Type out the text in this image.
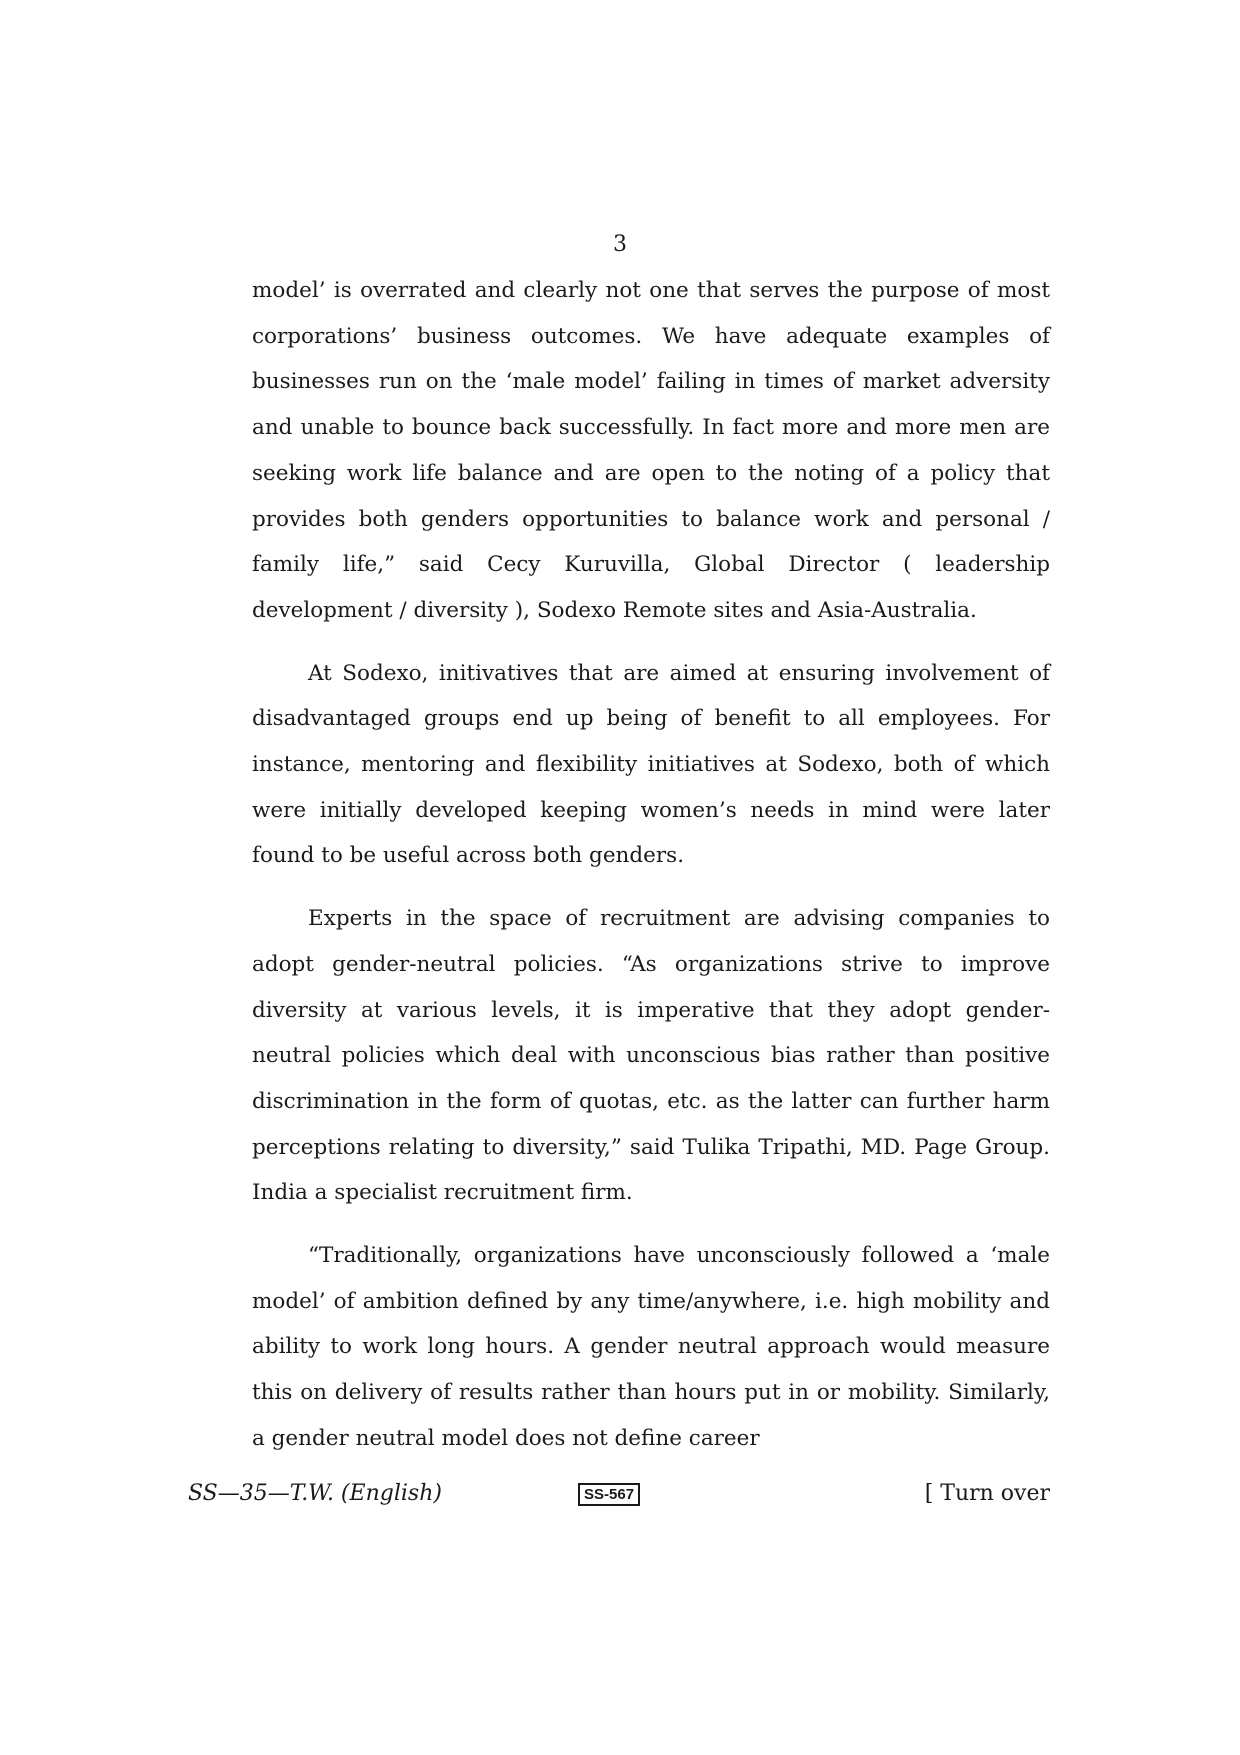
3

model’ is overrated and clearly not one that serves the purpose of most corporations’ business outcomes. We have adequate examples of businesses run on the ‘male model’ failing in times of market adversity and unable to bounce back successfully. In fact more and more men are seeking work life balance and are open to the noting of a policy that provides both genders opportunities to balance work and personal / family life,” said Cecy Kuruvilla, Global Director ( leadership development / diversity ), Sodexo Remote sites and Asia-Australia.

At Sodexo, initivatives that are aimed at ensuring involvement of disadvantaged groups end up being of benefit to all employees. For instance, mentoring and flexibility initiatives at Sodexo, both of which were initially developed keeping women’s needs in mind were later found to be useful across both genders.

Experts in the space of recruitment are advising companies to adopt gender-neutral policies. “As organizations strive to improve diversity at various levels, it is imperative that they adopt gender-neutral policies which deal with unconscious bias rather than positive discrimination in the form of quotas, etc. as the latter can further harm perceptions relating to diversity,” said Tulika Tripathi, MD. Page Group. India a specialist recruitment firm.

“Traditionally, organizations have unconsciously followed a ‘male model’ of ambition defined by any time/anywhere, i.e. high mobility and ability to work long hours. A gender neutral approach would measure this on delivery of results rather than hours put in or mobility. Similarly, a gender neutral model does not define career

SS—35—T.W. (English)	SS-567	[ Turn over
